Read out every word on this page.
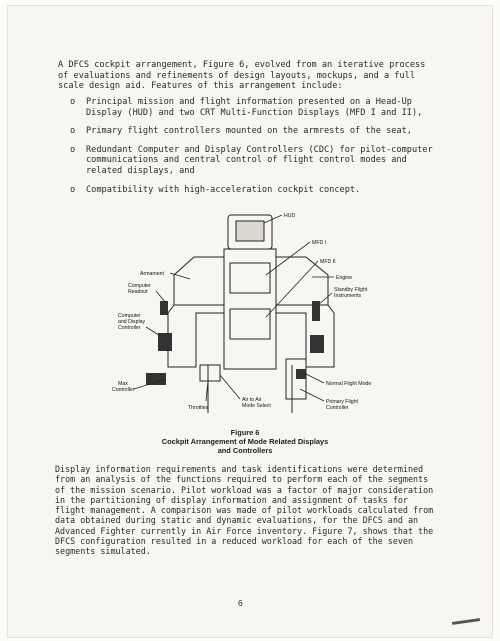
A DFCS cockpit arrangement, Figure 6, evolved from an iterative process of evaluations and refinements of design layouts, mockups, and a full scale design aid. Features of this arrangement include:
o Principal mission and flight information presented on a Head-Up Display (HUD) and two CRT Multi-Function Displays (MFD I and II),
o Primary flight controllers mounted on the armrests of the seat,
o Redundant Computer and Display Controllers (CDC) for pilot-computer communications and central control of flight control modes and related displays, and
o Compatibility with high-acceleration cockpit concept.
HUD
MFD I
MFD II
Armament
Engine
Computer
Readout	Standby Flight
Instruments
Computer
and Display
Controller
Max
Controller
Throttles
Air to Air
Mode Select
Normal Flight Mode
Primary Flight
Controller
Figure 6
Cockpit Arrangement of Mode Related Displays
and Controllers
Display information requirements and task identifications were determined from an analysis of the functions required to perform each of the segments of the mission scenario. Pilot workload was a factor of major consideration in the partitioning of display information and assignment of tasks for flight management. A comparison was made of pilot workloads calculated from data obtained during static and dynamic evaluations, for the DFCS and an Advanced Fighter currently in Air Force inventory. Figure 7, shows that the DFCS configuration resulted in a reduced workload for each of the seven segments simulated.
6
